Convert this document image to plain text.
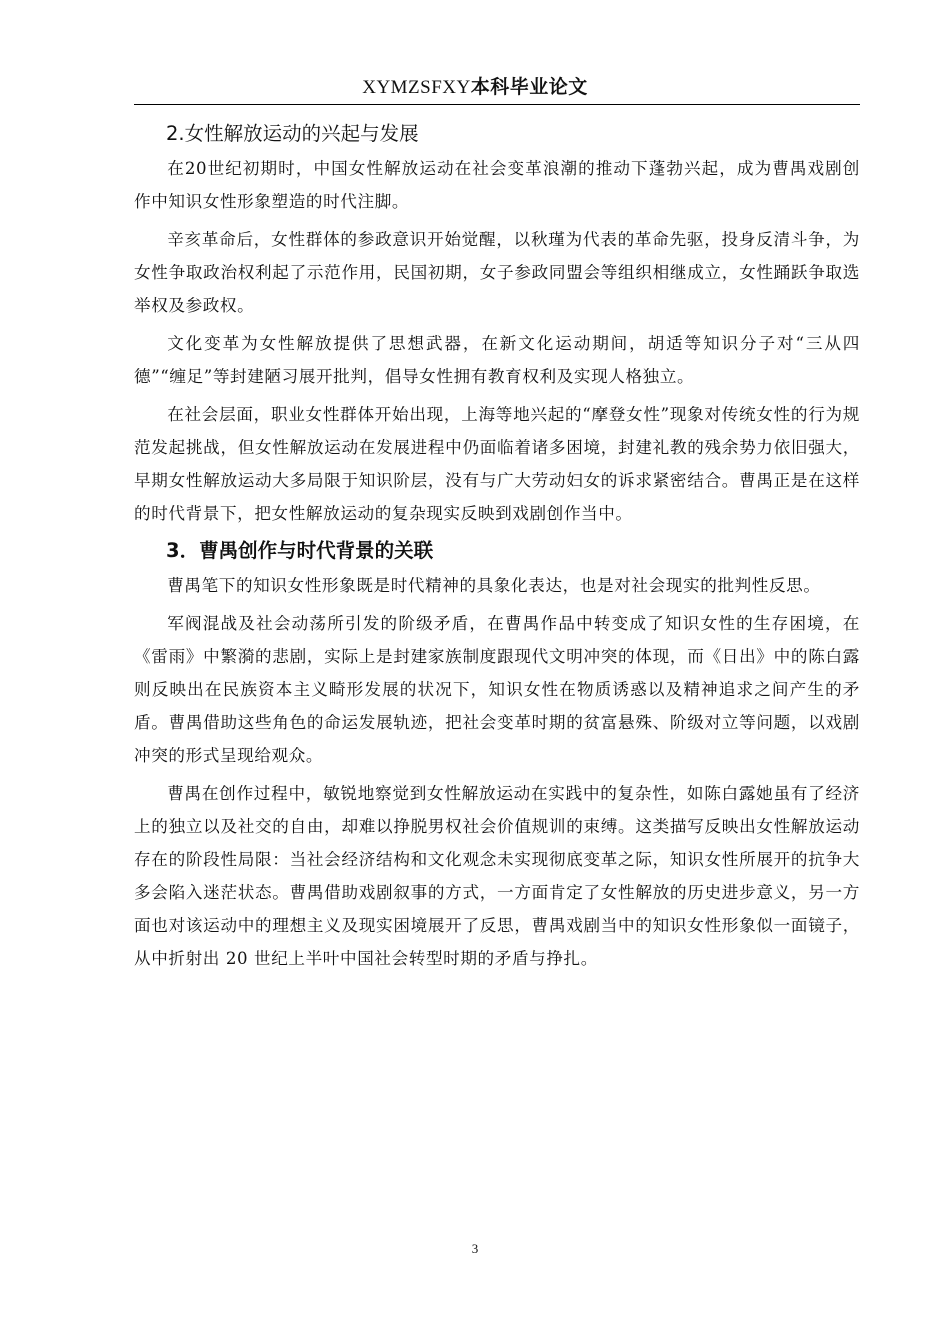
XYMZSFXY本科毕业论文
2.女性解放运动的兴起与发展

在20世纪初期时，中国女性解放运动在社会变革浪潮的推动下蓬勃兴起，成为曹禺戏剧创作中知识女性形象塑造的时代注脚。

辛亥革命后，女性群体的参政意识开始觉醒，以秋瑾为代表的革命先驱，投身反清斗争，为女性争取政治权利起了示范作用，民国初期，女子参政同盟会等组织相继成立，女性踊跃争取选举权及参政权。

文化变革为女性解放提供了思想武器，在新文化运动期间，胡适等知识分子对“三从四德”“缠足”等封建陋习展开批判，倡导女性拥有教育权利及实现人格独立。

在社会层面，职业女性群体开始出现，上海等地兴起的“摩登女性”现象对传统女性的行为规范发起挑战，但女性解放运动在发展进程中仍面临着诸多困境，封建礼教的残余势力依旧强大，早期女性解放运动大多局限于知识阶层，没有与广大劳动妇女的诉求紧密结合。曹禺正是在这样的时代背景下，把女性解放运动的复杂现实反映到戏剧创作当中。

3．曹禺创作与时代背景的关联

曹禺笔下的知识女性形象既是时代精神的具象化表达，也是对社会现实的批判性反思。

军阀混战及社会动荡所引发的阶级矛盾，在曹禺作品中转变成了知识女性的生存困境，在《雷雨》中繁漪的悲剧，实际上是封建家族制度跟现代文明冲突的体现，而《日出》中的陈白露则反映出在民族资本主义畸形发展的状况下，知识女性在物质诱惑以及精神追求之间产生的矛盾。曹禺借助这些角色的命运发展轨迹，把社会变革时期的贫富悬殊、阶级对立等问题，以戏剧冲突的形式呈现给观众。

曹禺在创作过程中，敏锐地察觉到女性解放运动在实践中的复杂性，如陈白露她虽有了经济上的独立以及社交的自由，却难以挣脱男权社会价值规训的束缚。这类描写反映出女性解放运动存在的阶段性局限：当社会经济结构和文化观念未实现彻底变革之际，知识女性所展开的抗争大多会陷入迷茫状态。曹禺借助戏剧叙事的方式，一方面肯定了女性解放的历史进步意义，另一方面也对该运动中的理想主义及现实困境展开了反思，曹禺戏剧当中的知识女性形象似一面镜子，从中折射出 20 世纪上半叶中国社会转型时期的矛盾与挣扎。

3
